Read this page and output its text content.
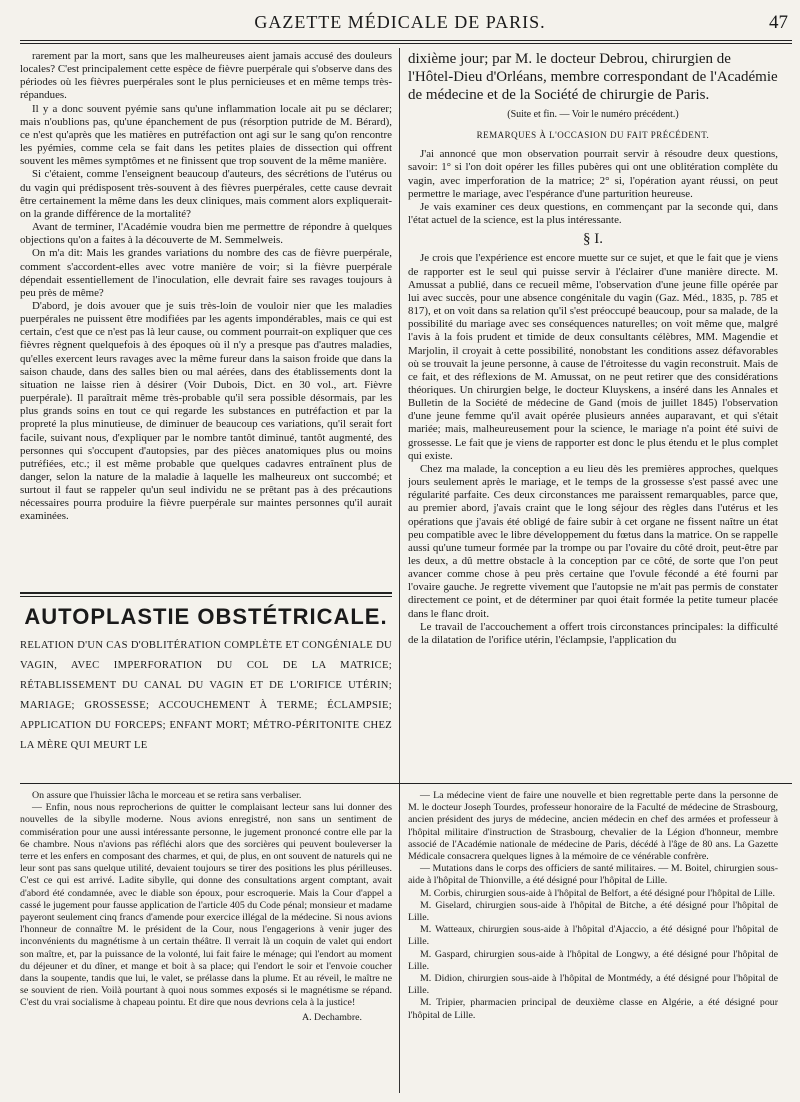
GAZETTE MÉDICALE DE PARIS.	47

rarement par la mort, sans que les malheureuses aient jamais accusé des douleurs locales? C'est principalement cette espèce de fièvre puerpérale qui s'observe dans des périodes où les fièvres puerpérales sont le plus pernicieuses et en même temps très-répandues.

Il y a donc souvent pyémie sans qu'une inflammation locale ait pu se déclarer; mais n'oublions pas, qu'une épanchement de pus (résorption putride de M. Bérard), ce n'est qu'après que les matières en putréfaction ont agi sur le sang qu'on rencontre les pyémies, comme cela se fait dans les petites plaies de dissection qui offrent souvent les mêmes symptômes et ne finissent que trop souvent de la même manière.

Si c'étaient, comme l'enseignent beaucoup d'auteurs, des sécrétions de l'utérus ou du vagin qui prédisposent très-souvent à des fièvres puerpérales, cette cause devrait être certainement la même dans les deux cliniques, mais comment alors expliquerait-on la grande différence de la mortalité?

Avant de terminer, l'Académie voudra bien me permettre de répondre à quelques objections qu'on a faites à la découverte de M. Semmelweis.

On m'a dit: Mais les grandes variations du nombre des cas de fièvre puerpérale, comment s'accordent-elles avec votre manière de voir; si la fièvre puerpérale dépendait essentiellement de l'inoculation, elle devrait faire ses ravages toujours à peu près de même?

D'abord, je dois avouer que je suis très-loin de vouloir nier que les maladies puerpérales ne puissent être modifiées par les agents impondérables, mais ce qui est certain, c'est que ce n'est pas là leur cause, ou comment pourrait-on expliquer que ces fièvres règnent quelquefois à des époques où il n'y a presque pas d'autres maladies, qu'elles exercent leurs ravages avec la même fureur dans la saison froide que dans la saison chaude, dans des salles bien ou mal aérées, dans des établissements dont la situation ne laisse rien à désirer (Voir Dubois, Dict. en 30 vol., art. Fièvre puerpérale). Il paraîtrait même très-probable qu'il sera possible désormais, par les plus grands soins en tout ce qui regarde les substances en putréfaction et par la propreté la plus minutieuse, de diminuer de beaucoup ces variations, qu'il serait fort facile, suivant nous, d'expliquer par le nombre tantôt diminué, tantôt augmenté, des personnes qui s'occupent d'autopsies, par des pièces anatomiques plus ou moins putréfiées, etc.; il est même probable que quelques cadavres entraînent plus de danger, selon la nature de la maladie à laquelle les malheureux ont succombé; et surtout il faut se rappeler qu'un seul individu ne se prêtant pas à des précautions nécessaires pourra produire la fièvre puerpérale sur maintes personnes qu'il aurait examinées.

AUTOPLASTIE OBSTÉTRICALE.
RELATION D'UN CAS D'OBLITÉRATION COMPLÈTE ET CONGÉNIALE DU VAGIN, AVEC IMPERFORATION DU COL DE LA MATRICE; RÉTABLISSEMENT DU CANAL DU VAGIN ET DE L'ORIFICE UTÉRIN; MARIAGE; GROSSESSE; ACCOUCHEMENT À TERME; ÉCLAMPSIE; APPLICATION DU FORCEPS; ENFANT MORT; MÉTRO-PÉRITONITE CHEZ LA MÈRE QUI MEURT LE

dixième jour; par M. le docteur Debrou, chirurgien de l'Hôtel-Dieu d'Orléans, membre correspondant de l'Académie de médecine et de la Société de chirurgie de Paris.

(Suite et fin. — Voir le numéro précédent.)

REMARQUES À L'OCCASION DU FAIT PRÉCÉDENT.

J'ai annoncé que mon observation pourrait servir à résoudre deux questions, savoir: 1° si l'on doit opérer les filles pubères qui ont une oblitération complète du vagin, avec imperforation de la matrice; 2° si, l'opération ayant réussi, on peut permettre le mariage, avec l'espérance d'une parturition heureuse.

Je vais examiner ces deux questions, en commençant par la seconde qui, dans l'état actuel de la science, est la plus intéressante.

§ I.

Je crois que l'expérience est encore muette sur ce sujet, et que le fait que je viens de rapporter est le seul qui puisse servir à l'éclairer d'une manière directe. M. Amussat a publié, dans ce recueil même, l'observation d'une jeune fille opérée par lui avec succès, pour une absence congénitale du vagin (Gaz. Méd., 1835, p. 785 et 817), et on voit dans sa relation qu'il s'est préoccupé beaucoup, pour sa malade, de la possibilité du mariage avec ses conséquences naturelles; on voit même que, malgré l'avis à la fois prudent et timide de deux consultants célèbres, MM. Magendie et Marjolin, il croyait à cette possibilité, nonobstant les conditions assez défavorables où se trouvait la jeune personne, à cause de l'étroitesse du vagin reconstruit. Mais de ce fait, et des réflexions de M. Amussat, on ne peut retirer que des considérations théoriques. Un chirurgien belge, le docteur Kluyskens, a inséré dans les Annales et Bulletin de la Société de médecine de Gand (mois de juillet 1845) l'observation d'une jeune femme qu'il avait opérée plusieurs années auparavant, et qui s'était mariée; mais, malheureusement pour la science, le mariage n'a point été suivi de grossesse. Le fait que je viens de rapporter est donc le plus étendu et le plus complet qui existe.

Chez ma malade, la conception a eu lieu dès les premières approches, quelques jours seulement après le mariage, et le temps de la grossesse s'est passé avec une régularité parfaite. Ces deux circonstances me paraissent remarquables, parce que, au premier abord, j'avais craint que le long séjour des règles dans l'utérus et les opérations que j'avais été obligé de faire subir à cet organe ne fissent naître un état peu compatible avec le libre développement du fœtus dans la matrice. On se rappelle aussi qu'une tumeur formée par la trompe ou par l'ovaire du côté droit, peut-être par les deux, a dû mettre obstacle à la conception par ce côté, de sorte que l'on peut avancer comme chose à peu près certaine que l'ovule fécondé a été fourni par l'ovaire gauche. Je regrette vivement que l'autopsie ne m'ait pas permis de constater directement ce point, et de déterminer par quoi était formée la petite tumeur placée dans le flanc droit.

Le travail de l'accouchement a offert trois circonstances principales: la difficulté de la dilatation de l'orifice utérin, l'éclampsie, l'application du

On assure que l'huissier lâcha le morceau et se retira sans verbaliser.

— Enfin, nous nous reprocherions de quitter le complaisant lecteur sans lui donner des nouvelles de la sibylle moderne. Nous avions enregistré, non sans un sentiment de commisération pour une aussi intéressante personne, le jugement prononcé contre elle par la 6e chambre. Nous n'avions pas réfléchi alors que des sorcières qui peuvent bouleverser la terre et les enfers en composant des charmes, et qui, de plus, en ont souvent de naturels qui ne leur sont pas sans quelque utilité, devaient toujours se tirer des positions les plus périlleuses. C'est ce qui est arrivé. Ladite sibylle, qui donne des consultations argent comptant, avait d'abord été condamnée, avec le diable son époux, pour escroquerie. Mais la Cour d'appel a cassé le jugement pour fausse application de l'article 405 du Code pénal; monsieur et madame payeront seulement cinq francs d'amende pour exercice illégal de la médecine. Si nous avions l'honneur de connaître M. le président de la Cour, nous l'engagerions à venir juger des inconvénients du magnétisme à un certain théâtre. Il verrait là un coquin de valet qui endort son maître, et, par la puissance de la volonté, lui fait faire le ménage; qui l'endort au moment du déjeuner et du dîner, et mange et boit à sa place; qui l'endort le soir et l'envoie coucher dans la soupente, tandis que lui, le valet, se prélasse dans la plume. Et au réveil, le maître ne se souvient de rien. Voilà pourtant à quoi nous sommes exposés si le magnétisme se répand. C'est du vrai socialisme à chapeau pointu. Et dire que nous devrions cela à la justice!

A. Dechambre.

— La médecine vient de faire une nouvelle et bien regrettable perte dans la personne de M. le docteur Joseph Tourdes, professeur honoraire de la Faculté de médecine de Strasbourg, ancien président des jurys de médecine, ancien médecin en chef des armées et professeur à l'hôpital militaire d'instruction de Strasbourg, chevalier de la Légion d'honneur, membre associé de l'Académie nationale de médecine de Paris, décédé à l'âge de 80 ans. La Gazette Médicale consacrera quelques lignes à la mémoire de ce vénérable confrère.

— Mutations dans le corps des officiers de santé militaires. — M. Boitel, chirurgien sous-aide à l'hôpital de Thionville, a été désigné pour l'hôpital de Lille.

M. Corbis, chirurgien sous-aide à l'hôpital de Belfort, a été désigné pour l'hôpital de Lille.

M. Giselard, chirurgien sous-aide à l'hôpital de Bitche, a été désigné pour l'hôpital de Lille.

M. Watteaux, chirurgien sous-aide à l'hôpital d'Ajaccio, a été désigné pour l'hôpital de Lille.

M. Gaspard, chirurgien sous-aide à l'hôpital de Longwy, a été désigné pour l'hôpital de Lille.

M. Didion, chirurgien sous-aide à l'hôpital de Montmédy, a été désigné pour l'hôpital de Lille.

M. Tripier, pharmacien principal de deuxième classe en Algérie, a été désigné pour l'hôpital de Lille.
